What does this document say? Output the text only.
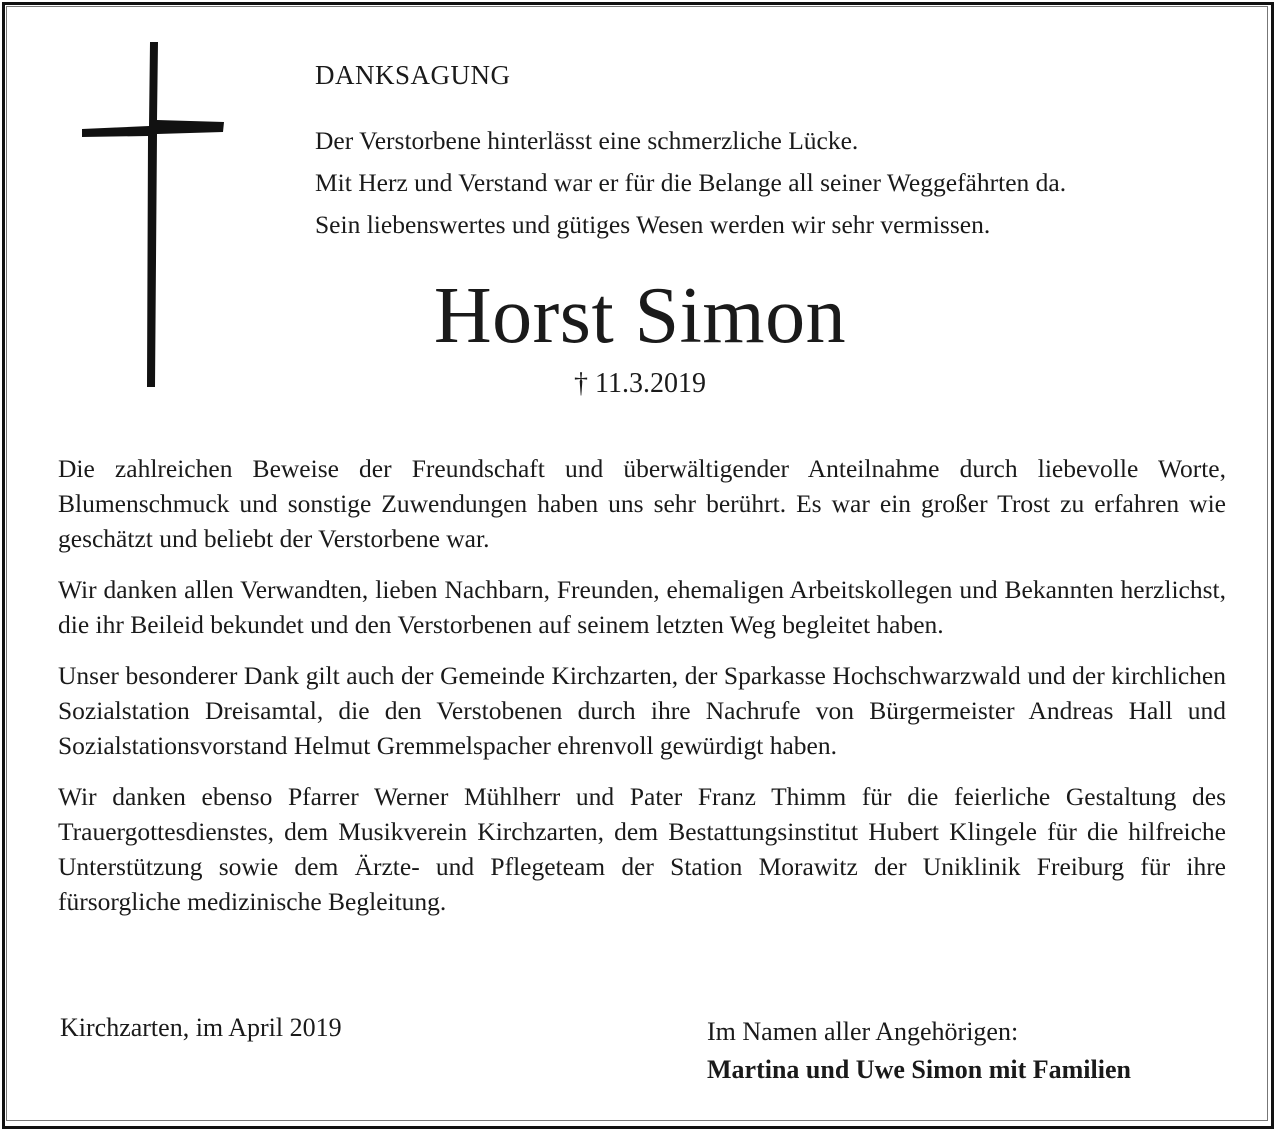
DANKSAGUNG
Der Verstorbene hinterlässt eine schmerzliche Lücke.
Mit Herz und Verstand war er für die Belange all seiner Weggefährten da.
Sein liebenswertes und gütiges Wesen werden wir sehr vermissen.
Horst Simon
† 11.3.2019

Die zahlreichen Beweise der Freundschaft und überwältigender Anteilnahme durch liebevolle Worte, Blumenschmuck und sonstige Zuwendungen haben uns sehr berührt. Es war ein großer Trost zu erfahren wie geschätzt und beliebt der Verstorbene war.

Wir danken allen Verwandten, lieben Nachbarn, Freunden, ehemaligen Arbeitskollegen und Bekannten herzlichst, die ihr Beileid bekundet und den Verstorbenen auf seinem letzten Weg begleitet haben.

Unser besonderer Dank gilt auch der Gemeinde Kirchzarten, der Sparkasse Hochschwarzwald und der kirchlichen Sozialstation Dreisamtal, die den Verstobenen durch ihre Nachrufe von Bürgermeister Andreas Hall und Sozialstationsvorstand Helmut Gremmelspacher ehrenvoll gewürdigt haben.

Wir danken ebenso Pfarrer Werner Mühlherr und Pater Franz Thimm für die feierliche Gestaltung des Trauergottesdienstes, dem Musikverein Kirchzarten, dem Bestattungsinstitut Hubert Klingele für die hilfreiche Unterstützung sowie dem Ärzte- und Pflegeteam der Station Morawitz der Uniklinik Freiburg für ihre fürsorgliche medizinische Begleitung.

Kirchzarten, im April 2019	Im Namen aller Angehörigen:
Martina und Uwe Simon mit Familien
